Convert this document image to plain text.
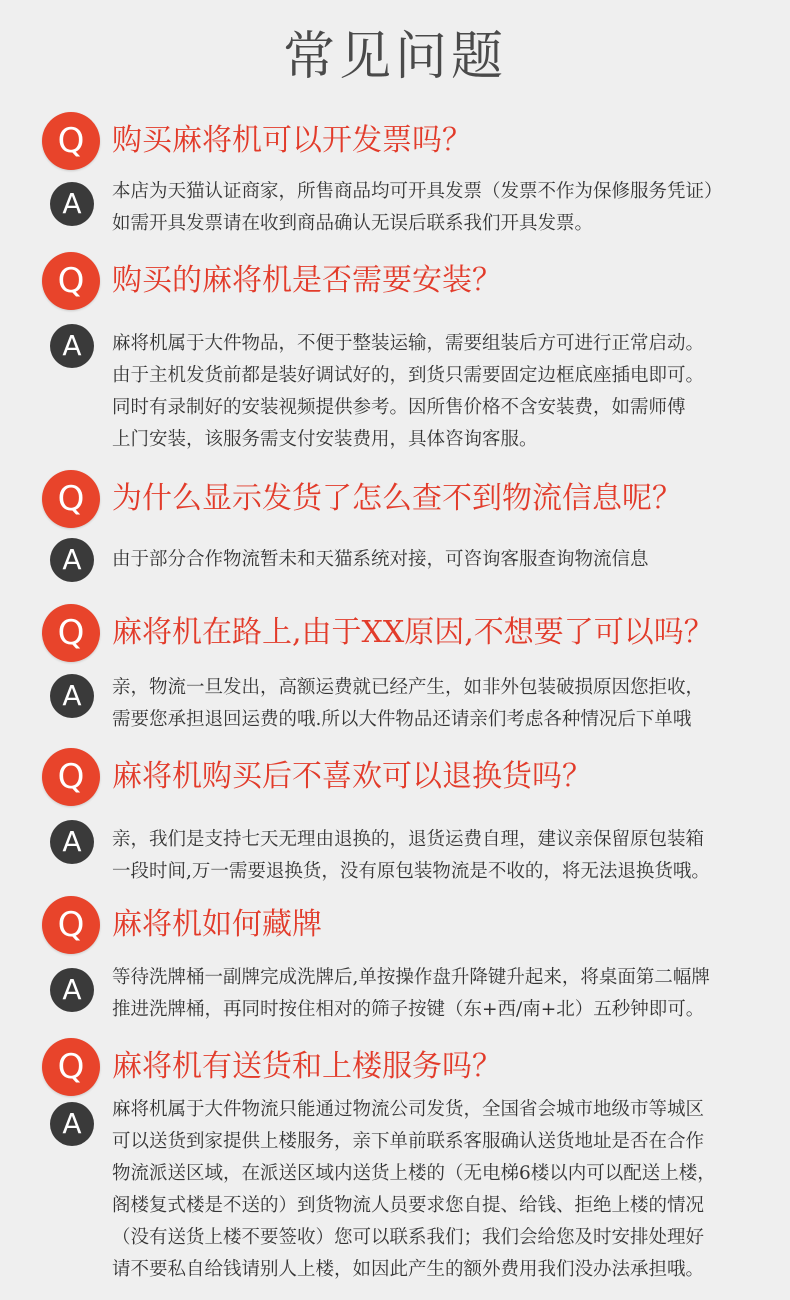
常见问题
Q 购买麻将机可以开发票吗？
A	本店为天猫认证商家，所售商品均可开具发票（发票不作为保修服务凭证）

如需开具发票请在收到商品确认无误后联系我们开具发票。

Q 购买的麻将机是否需要安装？
A	麻将机属于大件物品，不便于整装运输，需要组装后方可进行正常启动。

由于主机发货前都是装好调试好的，到货只需要固定边框底座插电即可。

同时有录制好的安装视频提供参考。因所售价格不含安装费，如需师傅

上门安装，该服务需支付安装费用，具体咨询客服。

Q 为什么显示发货了怎么查不到物流信息呢？
A	由于部分合作物流暂未和天猫系统对接，可咨询客服查询物流信息

Q 麻将机在路上,由于XX原因,不想要了可以吗？
A	亲，物流一旦发出，高额运费就已经产生，如非外包装破损原因您拒收，

需要您承担退回运费的哦.所以大件物品还请亲们考虑各种情况后下单哦

Q 麻将机购买后不喜欢可以退换货吗？
A	亲，我们是支持七天无理由退换的，退货运费自理，建议亲保留原包装箱

一段时间,万一需要退换货，没有原包装物流是不收的，将无法退换货哦。

Q 麻将机如何藏牌
A	等待洗牌桶一副牌完成洗牌后,单按操作盘升降键升起来，将桌面第二幅牌

推进洗牌桶，再同时按住相对的筛子按键（东+西/南+北）五秒钟即可。

Q 麻将机有送货和上楼服务吗？
A	麻将机属于大件物流只能通过物流公司发货，全国省会城市地级市等城区

可以送货到家提供上楼服务，亲下单前联系客服确认送货地址是否在合作

物流派送区域，在派送区域内送货上楼的（无电梯6楼以内可以配送上楼，

阁楼复式楼是不送的）到货物流人员要求您自提、给钱、拒绝上楼的情况

（没有送货上楼不要签收）您可以联系我们；我们会给您及时安排处理好

请不要私自给钱请别人上楼，如因此产生的额外费用我们没办法承担哦。
